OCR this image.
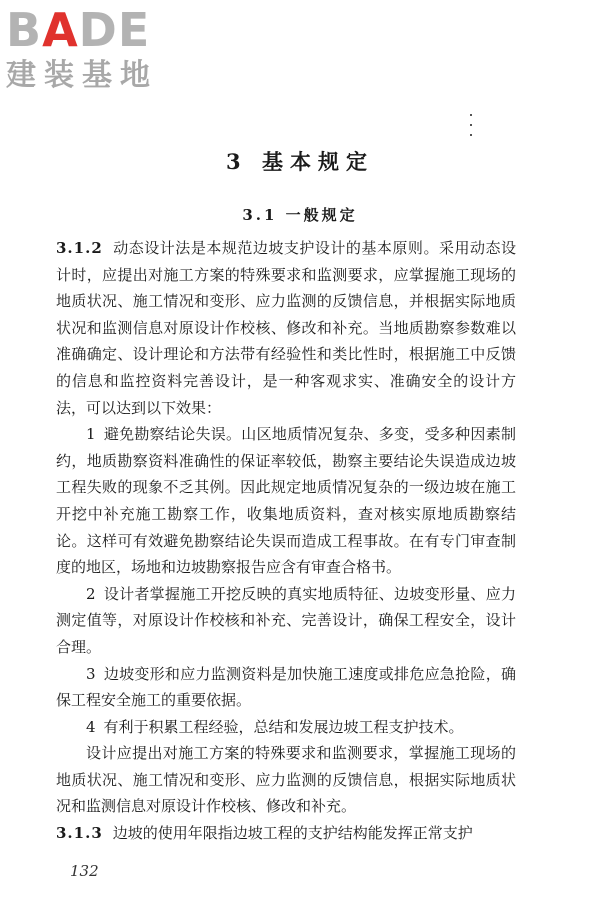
BADE
建装基地
3 基本规定
3.1 一般规定

3.1.2 动态设计法是本规范边坡支护设计的基本原则。采用动态设计时，应提出对施工方案的特殊要求和监测要求，应掌握施工现场的地质状况、施工情况和变形、应力监测的反馈信息，并根据实际地质状况和监测信息对原设计作校核、修改和补充。当地质勘察参数难以准确确定、设计理论和方法带有经验性和类比性时，根据施工中反馈的信息和监控资料完善设计，是一种客观求实、准确安全的设计方法，可以达到以下效果：

1 避免勘察结论失误。山区地质情况复杂、多变，受多种因素制约，地质勘察资料准确性的保证率较低，勘察主要结论失误造成边坡工程失败的现象不乏其例。因此规定地质情况复杂的一级边坡在施工开挖中补充施工勘察工作，收集地质资料，查对核实原地质勘察结论。这样可有效避免勘察结论失误而造成工程事故。在有专门审查制度的地区，场地和边坡勘察报告应含有审查合格书。

2 设计者掌握施工开挖反映的真实地质特征、边坡变形量、应力测定值等，对原设计作校核和补充、完善设计，确保工程安全，设计合理。

3 边坡变形和应力监测资料是加快施工速度或排危应急抢险，确保工程安全施工的重要依据。

4 有利于积累工程经验，总结和发展边坡工程支护技术。

设计应提出对施工方案的特殊要求和监测要求，掌握施工现场的地质状况、施工情况和变形、应力监测的反馈信息，根据实际地质状况和监测信息对原设计作校核、修改和补充。

3.1.3 边坡的使用年限指边坡工程的支护结构能发挥正常支护

132
